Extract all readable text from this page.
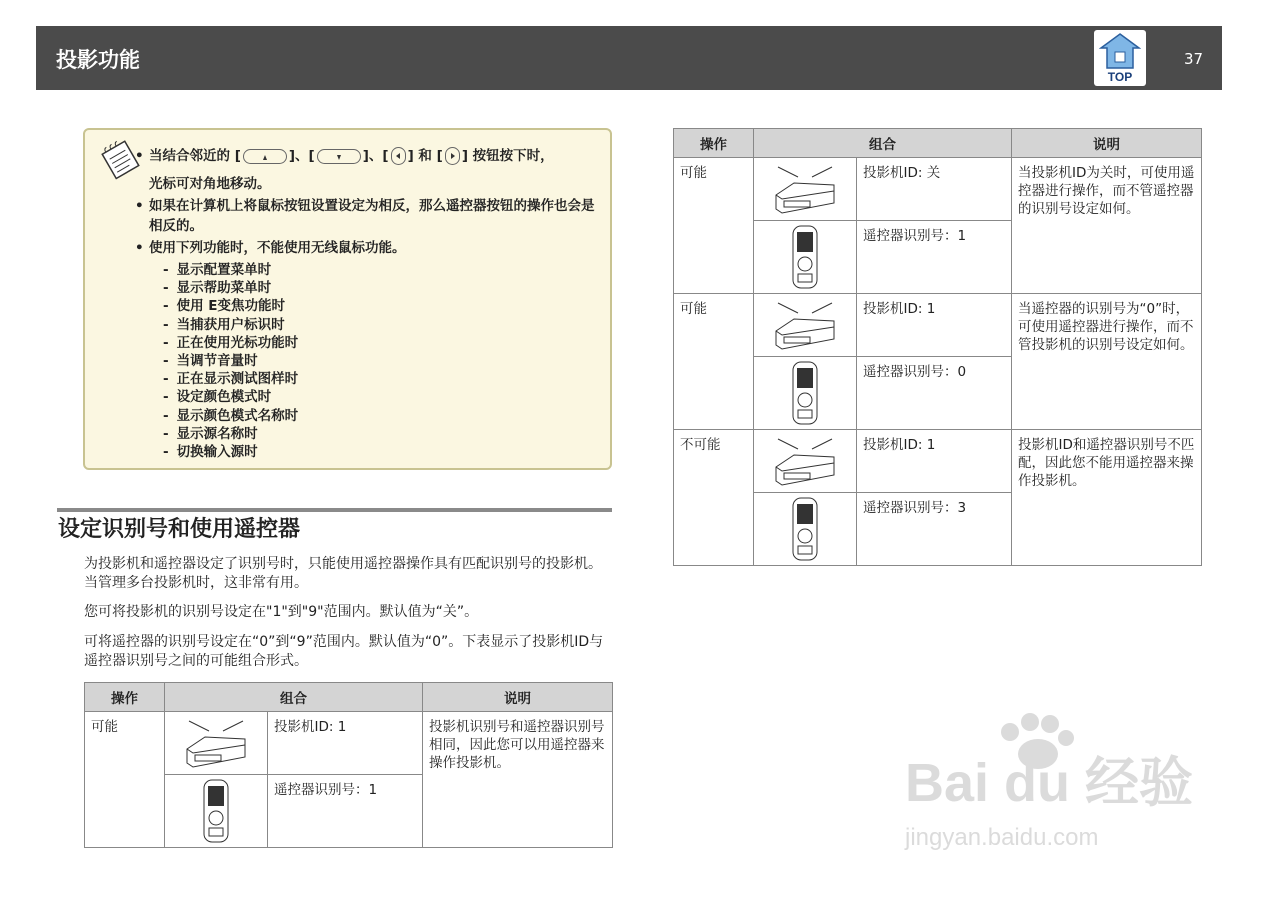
投影功能
TOP
37
• 当结合邻近的 [	]、[	]、[ ] 和 [ ] 按钮按下时，
光标可对角地移动。
• 如果在计算机上将鼠标按钮设置设定为相反，那么遥控器按钮的操作也会是相反的。
• 使用下列功能时，不能使用无线鼠标功能。
- 显示配置菜单时
- 显示帮助菜单时
- 使用 E变焦功能时
- 当捕获用户标识时
- 正在使用光标功能时
- 当调节音量时
- 正在显示测试图样时
- 设定颜色模式时
- 显示颜色模式名称时
- 显示源名称时
- 切换输入源时
设定识别号和使用遥控器
为投影机和遥控器设定了识别号时，只能使用遥控器操作具有匹配识别号的投影机。当管理多台投影机时，这非常有用。
您可将投影机的识别号设定在"1"到"9"范围内。默认值为“关”。
可将遥控器的识别号设定在“0”到“9”范围内。默认值为“0”。下表显示了投影机ID与遥控器识别号之间的可能组合形式。
操作	组合		说明
可能		投影机ID: 1	投影机识别号和遥控器识别号相同，因此您可以用遥控器来操作投影机。

	遥控器识别号：1	
操作	组合		说明
可能		投影机ID: 关	当投影机ID为关时，可使用遥控器进行操作，而不管遥控器的识别号设定如何。

	遥控器识别号：1	
可能		投影机ID: 1	当遥控器的识别号为“0”时，可使用遥控器进行操作，而不管投影机的识别号设定如何。

	遥控器识别号：0	
不可能		投影机ID: 1	投影机ID和遥控器识别号不匹配，因此您不能用遥控器来操作投影机。

	遥控器识别号：3	
Bai du 经验
jingyan.baidu.com
